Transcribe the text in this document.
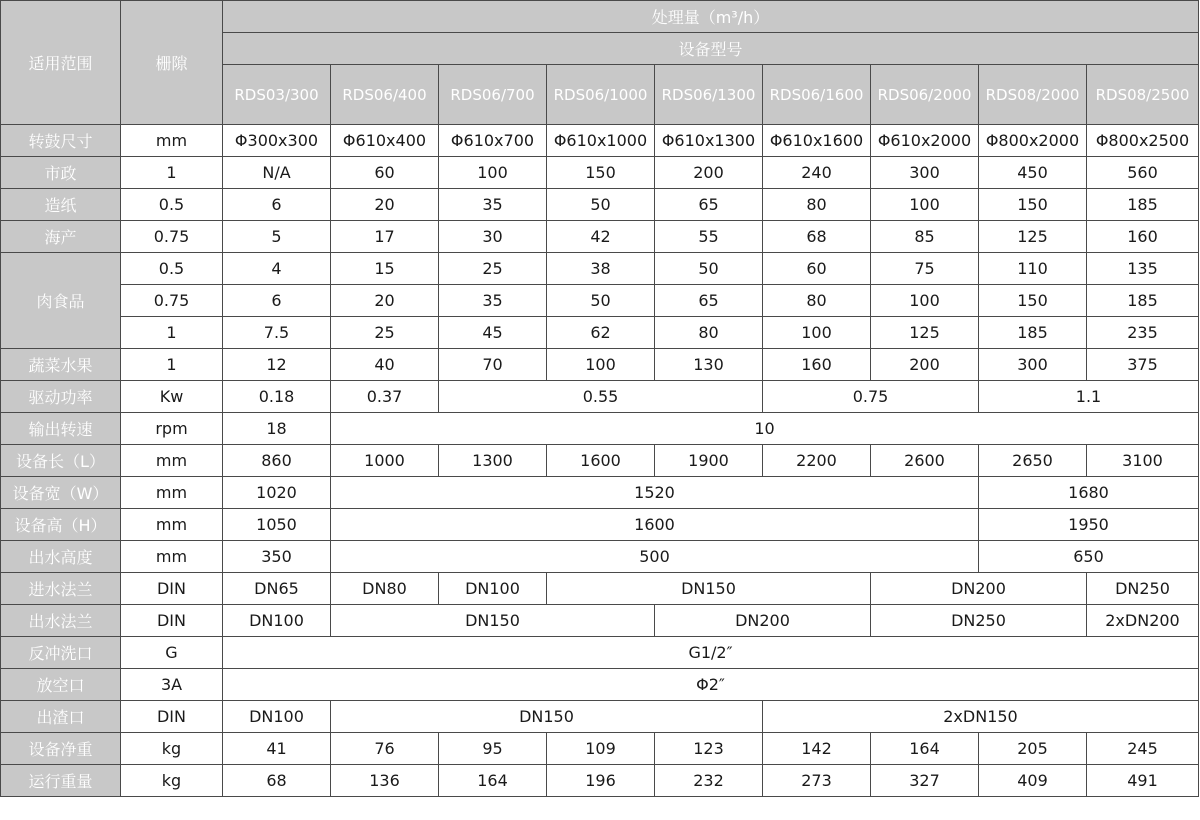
适用范围	栅隙	处理量（m³/h）								
		设备型号								
		RDS03/300	RDS06/400	RDS06/700	RDS06/1000	RDS06/1300	RDS06/1600	RDS06/2000	RDS08/2000	RDS08/2500
转鼓尺寸	mm	Φ300x300	Φ610x400	Φ610x700	Φ610x1000	Φ610x1300	Φ610x1600	Φ610x2000	Φ800x2000	Φ800x2500
市政	1	N/A	60	100	150	200	240	300	450	560
造纸	0.5	6	20	35	50	65	80	100	150	185
海产	0.75	5	17	30	42	55	68	85	125	160
肉食品	0.5	4	15	25	38	50	60	75	110	135
	0.75	6	20	35	50	65	80	100	150	185
	1	7.5	25	45	62	80	100	125	185	235
蔬菜水果	1	12	40	70	100	130	160	200	300	375
驱动功率	Kw	0.18	0.37	0.55			0.75		1.1	
输出转速	rpm	18	10							
设备长（L）	mm	860	1000	1300	1600	1900	2200	2600	2650	3100
设备宽（W）	mm	1020	1520						1680	
设备高（H）	mm	1050	1600						1950	
出水高度	mm	350	500						650	
进水法兰	DIN	DN65	DN80	DN100	DN150			DN200		DN250
出水法兰	DIN	DN100	DN150			DN200		DN250		2xDN200
反冲洗口	G	G1/2″								
放空口	3A	Φ2″								
出渣口	DIN	DN100	DN150				2xDN150			
设备净重	kg	41	76	95	109	123	142	164	205	245
运行重量	kg	68	136	164	196	232	273	327	409	491
